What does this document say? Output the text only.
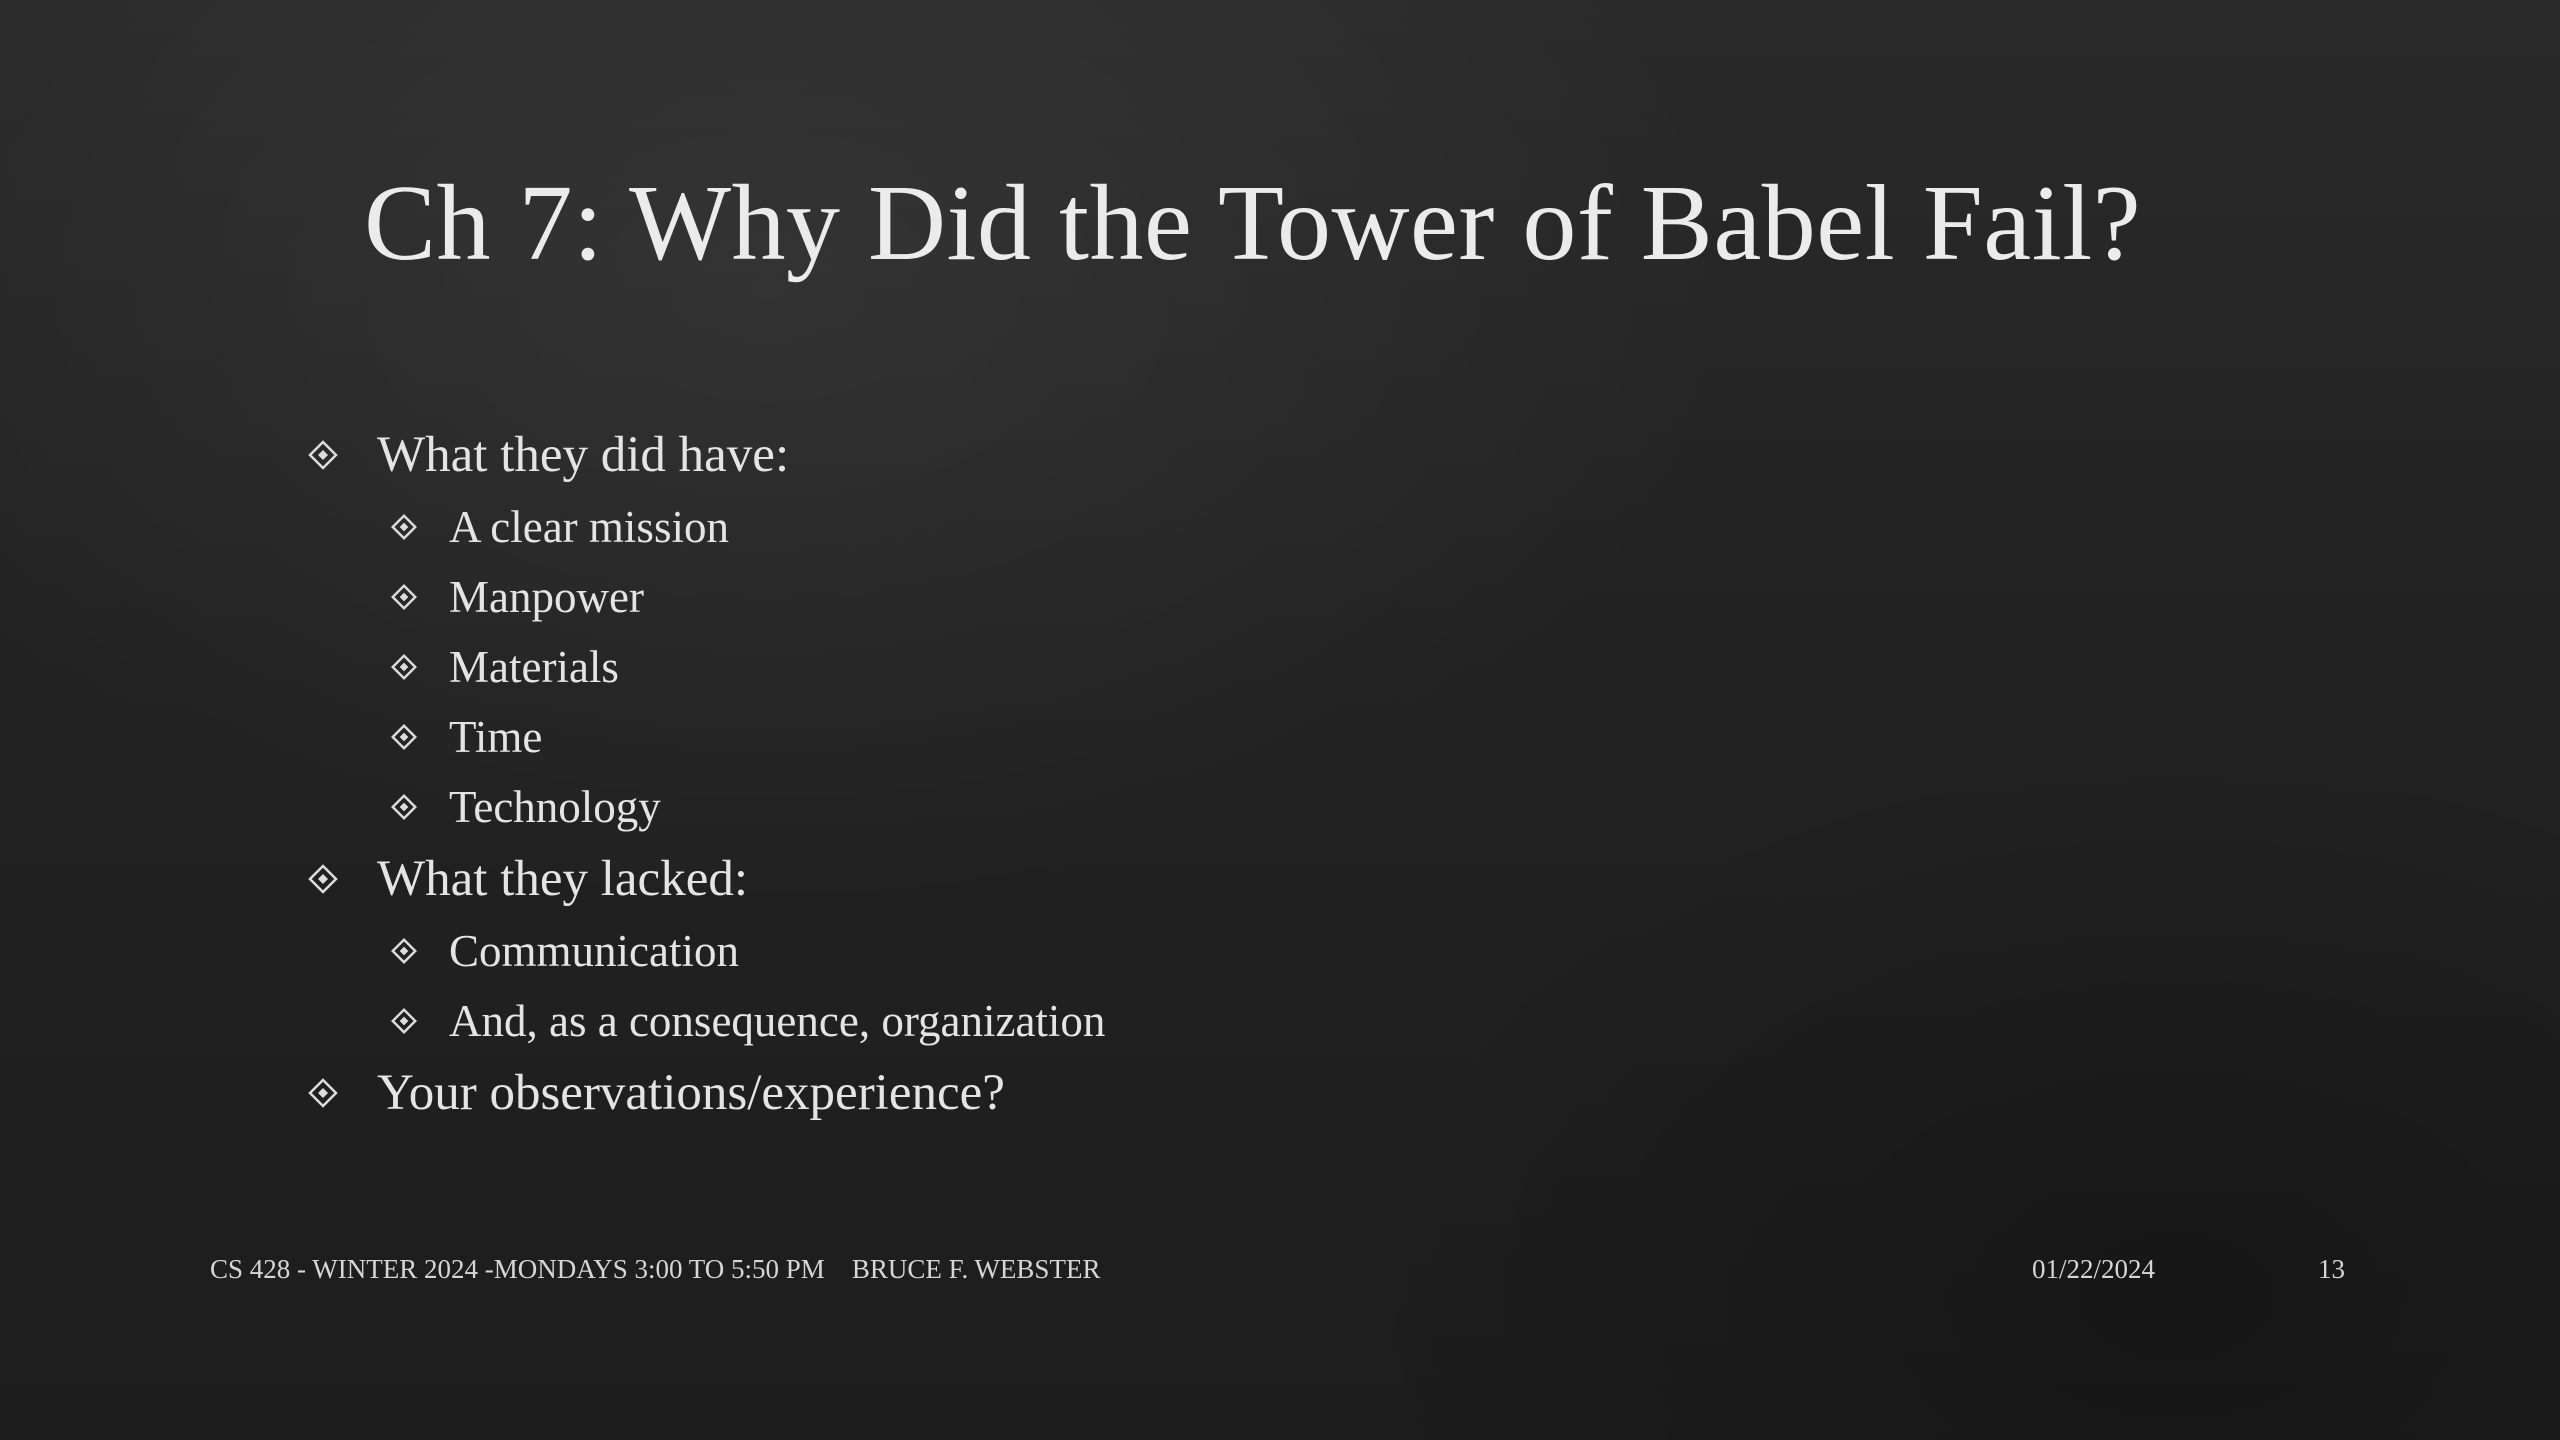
Ch 7: Why Did the Tower of Babel Fail?
What they did have:
A clear mission
Manpower
Materials
Time
Technology
What they lacked:
Communication
And, as a consequence, organization
Your observations/experience?
CS 428 - WINTER 2024 -MONDAYS 3:00 TO 5:50 PM    BRUCE F. WEBSTER	01/22/2024	13
